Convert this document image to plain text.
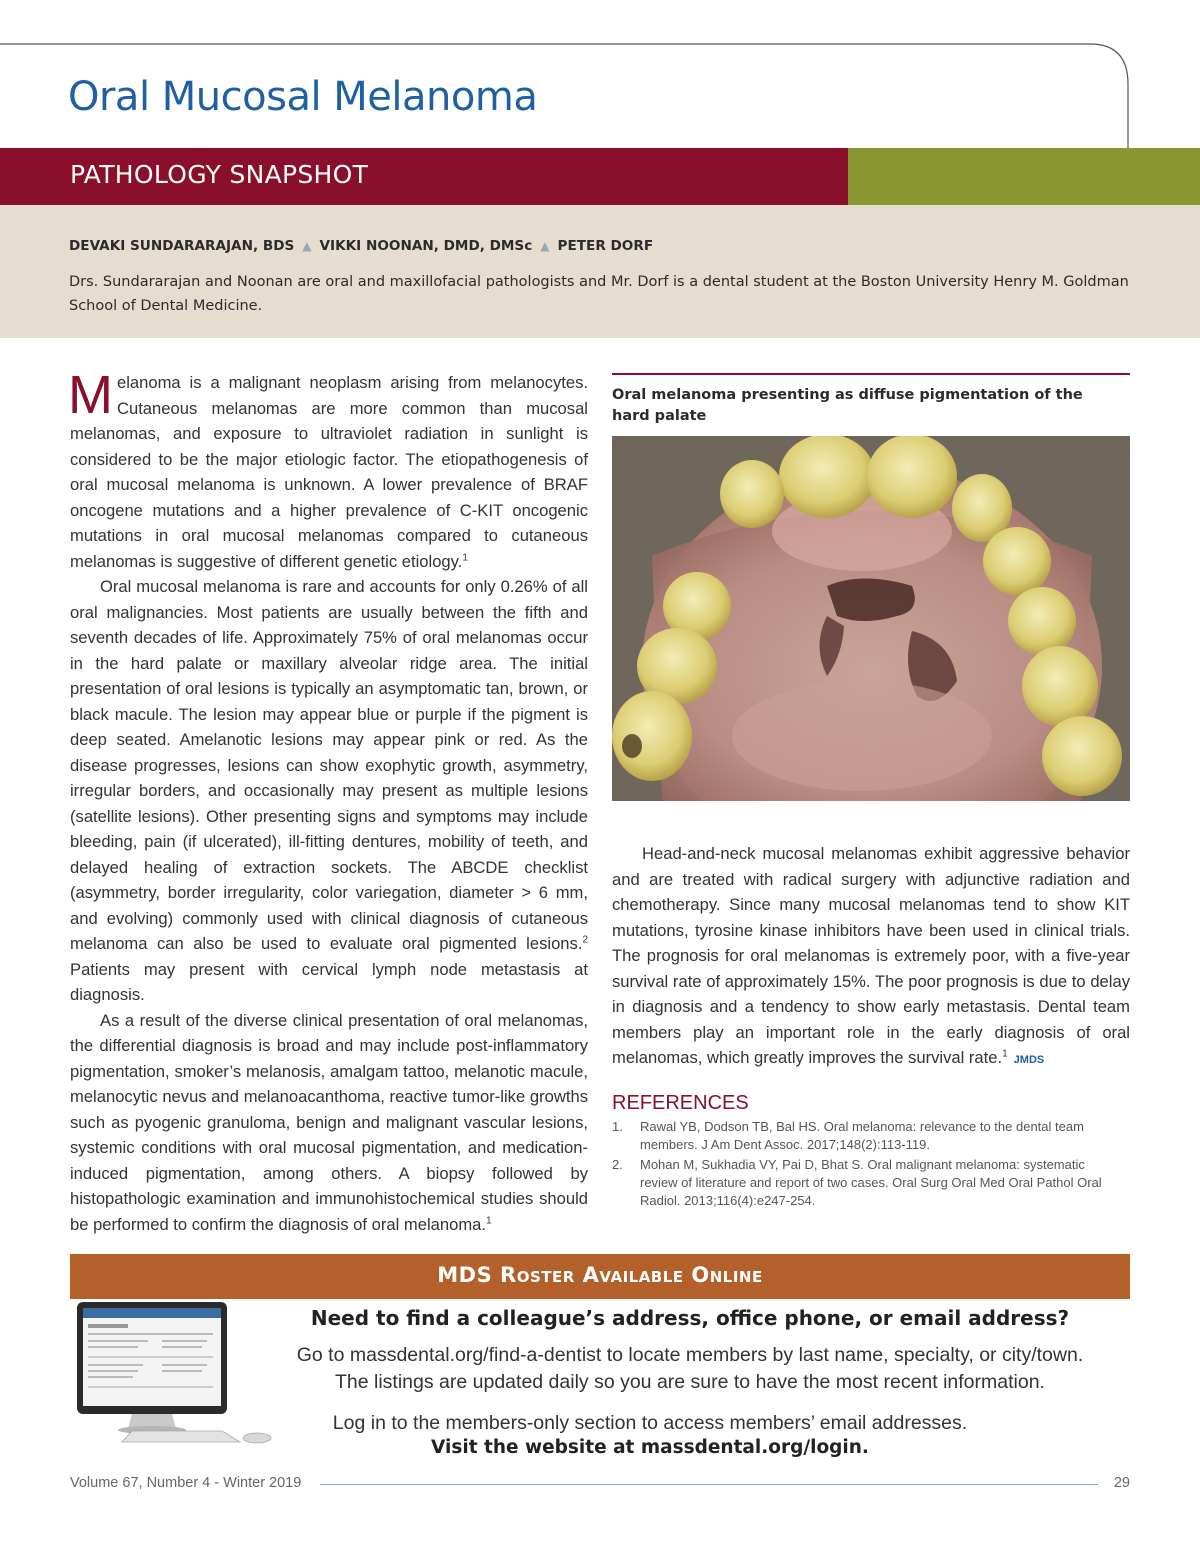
Oral Mucosal Melanoma
PATHOLOGY SNAPSHOT
DEVAKI SUNDARARAJAN, BDS ▲ VIKKI NOONAN, DMD, DMSc ▲ PETER DORF
Drs. Sundararajan and Noonan are oral and maxillofacial pathologists and Mr. Dorf is a dental student at the Boston University Henry M. Goldman School of Dental Medicine.

Melanoma is a malignant neoplasm arising from melanocytes. Cutaneous melanomas are more common than mucosal melanomas, and exposure to ultraviolet radiation in sunlight is considered to be the major etiologic factor. The etiopathogenesis of oral mucosal melanoma is unknown. A lower prevalence of BRAF oncogene mutations and a higher prevalence of C-KIT oncogenic mutations in oral mucosal melanomas compared to cutaneous melanomas is suggestive of different genetic etiology.$^1$

Oral mucosal melanoma is rare and accounts for only 0.26% of all oral malignancies. Most patients are usually between the fifth and seventh decades of life. Approximately 75% of oral melanomas occur in the hard palate or maxillary alveolar ridge area. The initial presentation of oral lesions is typically an asymptomatic tan, brown, or black macule. The lesion may appear blue or purple if the pigment is deep seated. Amelanotic lesions may appear pink or red. As the disease progresses, lesions can show exophytic growth, asymmetry, irregular borders, and occasionally may present as multiple lesions (satellite lesions). Other presenting signs and symptoms may include bleeding, pain (if ulcerated), ill-fitting dentures, mobility of teeth, and delayed healing of extraction sockets. The ABCDE checklist (asymmetry, border irregularity, color variegation, diameter > 6 mm, and evolving) commonly used with clinical diagnosis of cutaneous melanoma can also be used to evaluate oral pigmented lesions.$^2$ Patients may present with cervical lymph node metastasis at diagnosis.

As a result of the diverse clinical presentation of oral melanomas, the differential diagnosis is broad and may include post-inflammatory pigmentation, smoker’s melanosis, amalgam tattoo, melanotic macule, melanocytic nevus and melanoacanthoma, reactive tumor-like growths such as pyogenic granuloma, benign and malignant vascular lesions, systemic conditions with oral mucosal pigmentation, and medication-induced pigmentation, among others. A biopsy followed by histopathologic examination and immunohistochemical studies should be performed to confirm the diagnosis of oral melanoma.$^1$

Oral melanoma presenting as diffuse pigmentation of the hard palate

Head-and-neck mucosal melanomas exhibit aggressive behavior and are treated with radical surgery with adjunctive radiation and chemotherapy. Since many mucosal melanomas tend to show KIT mutations, tyrosine kinase inhibitors have been used in clinical trials. The prognosis for oral melanomas is extremely poor, with a five-year survival rate of approximately 15%. The poor prognosis is due to delay in diagnosis and a tendency to show early metastasis. Dental team members play an important role in the early diagnosis of oral melanomas, which greatly improves the survival rate.$^1$JMDS

REFERENCES
1. Rawal YB, Dodson TB, Bal HS. Oral melanoma: relevance to the dental team members. J Am Dent Assoc. 2017;148(2):113-119.
2. Mohan M, Sukhadia VY, Pai D, Bhat S. Oral malignant melanoma: systematic review of literature and report of two cases. Oral Surg Oral Med Oral Pathol Oral Radiol. 2013;116(4):e247-254.
MDS Roster Available Online
Need to find a colleague’s address, office phone, or email address?
Go to massdental.org/find-a-dentist to locate members by last name, specialty, or city/town.
The listings are updated daily so you are sure to have the most recent information.
Log in to the members-only section to access members’ email addresses.
Visit the website at massdental.org/login.
Volume 67, Number 4 - Winter 2019	29
